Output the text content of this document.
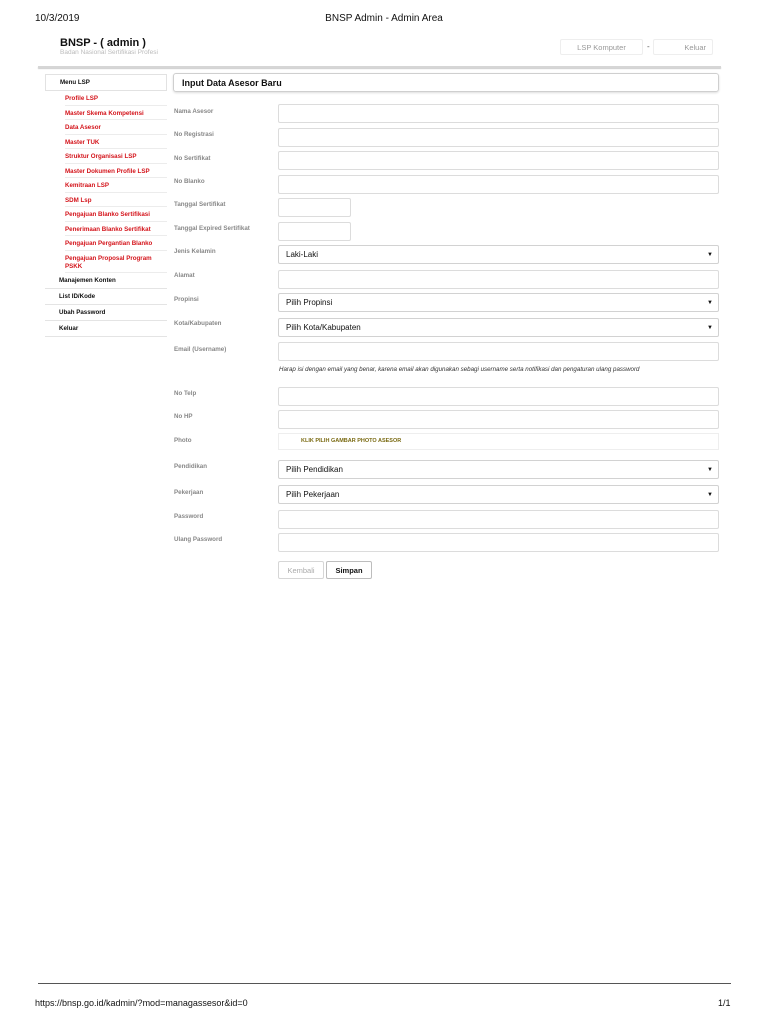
10/3/2019	BNSP Admin - Admin Area
BNSP - ( admin )
Badan Nasional Sertifikasi Profesi
LSP Komputer	-	Keluar
Menu LSP
Profile LSP
Master Skema Kompetensi
Data Asesor
Master TUK
Struktur Organisasi LSP
Master Dokumen Profile LSP
Kemitraan LSP
SDM Lsp
Pengajuan Blanko Sertifikasi
Penerimaan Blanko Sertifikat
Pengajuan Pergantian Blanko
Pengajuan Proposal Program PSKK
Manajemen Konten
List ID/Kode
Ubah Password
Keluar
Input Data Asesor Baru
Nama Asesor
No Registrasi
No Sertifikat
No Blanko
Tanggal Sertifikat
Tanggal Expired Sertifikat
Jenis Kelamin	Laki-Laki	▼
Alamat
Propinsi	Pilih Propinsi	▼
Kota/Kabupaten	Pilih Kota/Kabupaten	▼
Email (Username)
Harap isi dengan email yang benar, karena email akan digunakan sebagi username serta notifikasi dan pengaturan ulang password
No Telp
No HP
Photo	KLIK PILIH GAMBAR PHOTO ASESOR
Pendidikan	Pilih Pendidikan	▼
Pekerjaan	Pilih Pekerjaan	▼
Password
Ulang Password
Kembali	Simpan
https://bnsp.go.id/kadmin/?mod=managassesor&id=0	1/1
